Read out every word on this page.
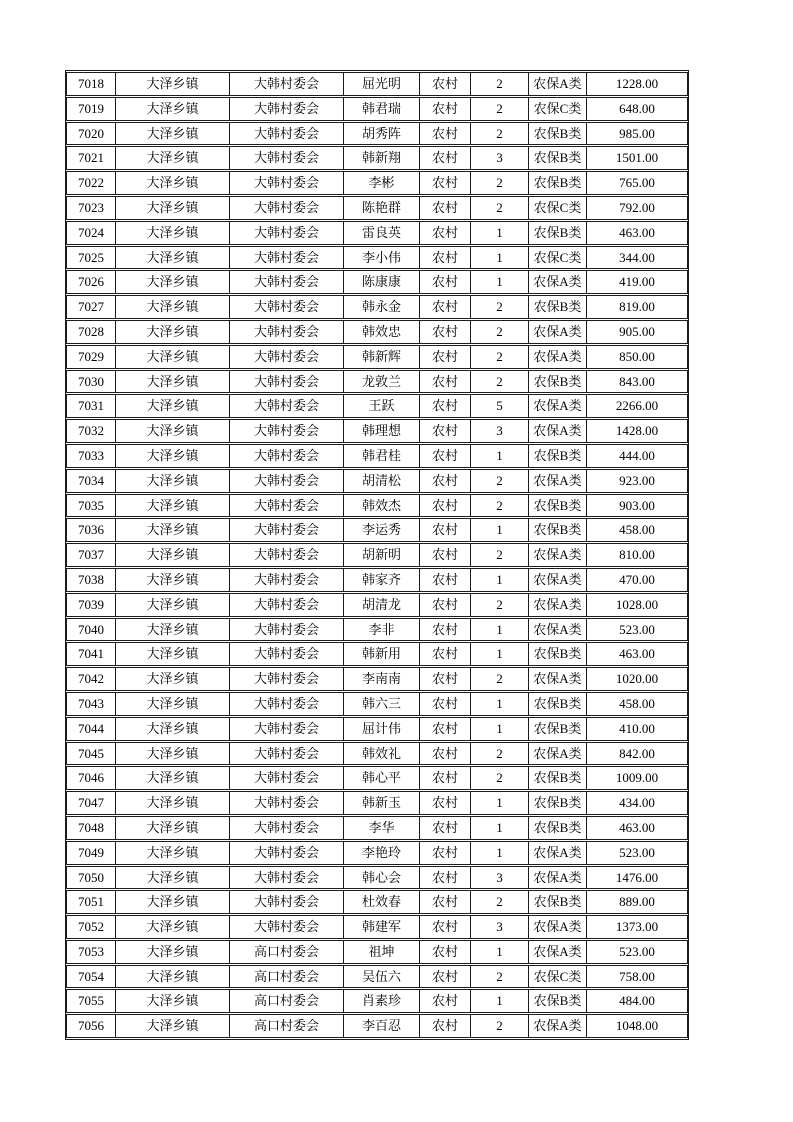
7018	大泽乡镇	大韩村委会	屈光明	农村	2	农保A类	1228.00
7019	大泽乡镇	大韩村委会	韩君瑞	农村	2	农保C类	648.00
7020	大泽乡镇	大韩村委会	胡秀阵	农村	2	农保B类	985.00
7021	大泽乡镇	大韩村委会	韩新翔	农村	3	农保B类	1501.00
7022	大泽乡镇	大韩村委会	李彬	农村	2	农保B类	765.00
7023	大泽乡镇	大韩村委会	陈艳群	农村	2	农保C类	792.00
7024	大泽乡镇	大韩村委会	雷良英	农村	1	农保B类	463.00
7025	大泽乡镇	大韩村委会	李小伟	农村	1	农保C类	344.00
7026	大泽乡镇	大韩村委会	陈康康	农村	1	农保A类	419.00
7027	大泽乡镇	大韩村委会	韩永金	农村	2	农保B类	819.00
7028	大泽乡镇	大韩村委会	韩效忠	农村	2	农保A类	905.00
7029	大泽乡镇	大韩村委会	韩新辉	农村	2	农保A类	850.00
7030	大泽乡镇	大韩村委会	龙敦兰	农村	2	农保B类	843.00
7031	大泽乡镇	大韩村委会	王跃	农村	5	农保A类	2266.00
7032	大泽乡镇	大韩村委会	韩理想	农村	3	农保A类	1428.00
7033	大泽乡镇	大韩村委会	韩君桂	农村	1	农保B类	444.00
7034	大泽乡镇	大韩村委会	胡清松	农村	2	农保A类	923.00
7035	大泽乡镇	大韩村委会	韩效杰	农村	2	农保B类	903.00
7036	大泽乡镇	大韩村委会	李运秀	农村	1	农保B类	458.00
7037	大泽乡镇	大韩村委会	胡新明	农村	2	农保A类	810.00
7038	大泽乡镇	大韩村委会	韩家齐	农村	1	农保A类	470.00
7039	大泽乡镇	大韩村委会	胡清龙	农村	2	农保A类	1028.00
7040	大泽乡镇	大韩村委会	李非	农村	1	农保A类	523.00
7041	大泽乡镇	大韩村委会	韩新用	农村	1	农保B类	463.00
7042	大泽乡镇	大韩村委会	李南南	农村	2	农保A类	1020.00
7043	大泽乡镇	大韩村委会	韩六三	农村	1	农保B类	458.00
7044	大泽乡镇	大韩村委会	屈计伟	农村	1	农保B类	410.00
7045	大泽乡镇	大韩村委会	韩效礼	农村	2	农保A类	842.00
7046	大泽乡镇	大韩村委会	韩心平	农村	2	农保B类	1009.00
7047	大泽乡镇	大韩村委会	韩新玉	农村	1	农保B类	434.00
7048	大泽乡镇	大韩村委会	李华	农村	1	农保B类	463.00
7049	大泽乡镇	大韩村委会	李艳玲	农村	1	农保A类	523.00
7050	大泽乡镇	大韩村委会	韩心会	农村	3	农保A类	1476.00
7051	大泽乡镇	大韩村委会	杜效春	农村	2	农保B类	889.00
7052	大泽乡镇	大韩村委会	韩建军	农村	3	农保A类	1373.00
7053	大泽乡镇	高口村委会	祖坤	农村	1	农保A类	523.00
7054	大泽乡镇	高口村委会	吴伍六	农村	2	农保C类	758.00
7055	大泽乡镇	高口村委会	肖素珍	农村	1	农保B类	484.00
7056	大泽乡镇	高口村委会	李百忍	农村	2	农保A类	1048.00
